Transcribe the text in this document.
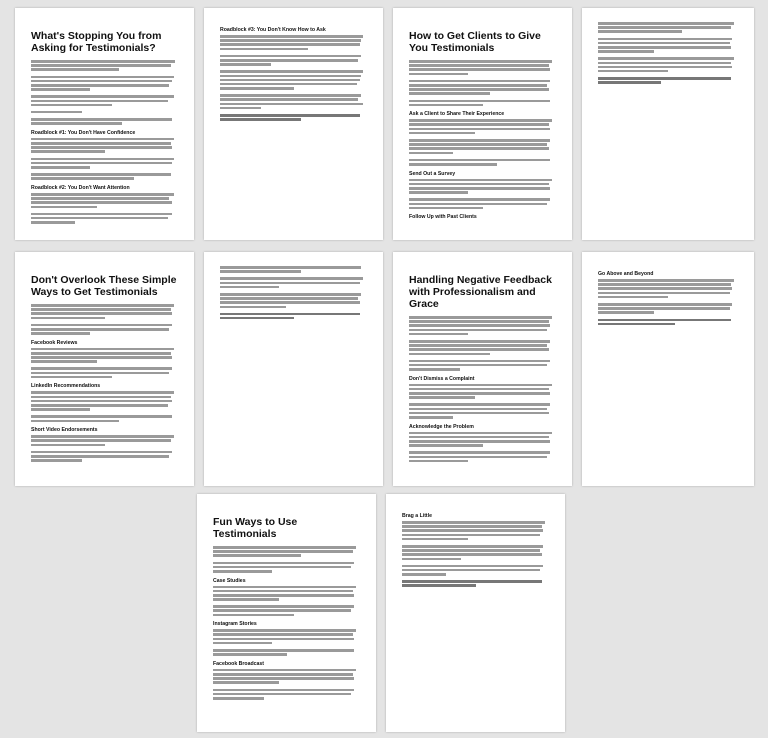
What's Stopping You from Asking for Testimonials?
Roadblock #1: You Don't Have Confidence
Roadblock #2: You Don't Want Attention
Roadblock #3: You Don't Know How to Ask	How to Get Clients to Give You Testimonials
Ask a Client to Share Their Experience
Send Out a Survey
Follow Up with Past Clients
Don't Overlook These Simple Ways to Get Testimonials
Facebook Reviews
LinkedIn Recommendations
Short Video Endorsements
Handling Negative Feedback with Professionalism and Grace
Don't Dismiss a Complaint
Acknowledge the Problem
Go Above and Beyond
Fun Ways to Use Testimonials
Case Studies
Instagram Stories
Facebook Broadcast
Brag a Little
